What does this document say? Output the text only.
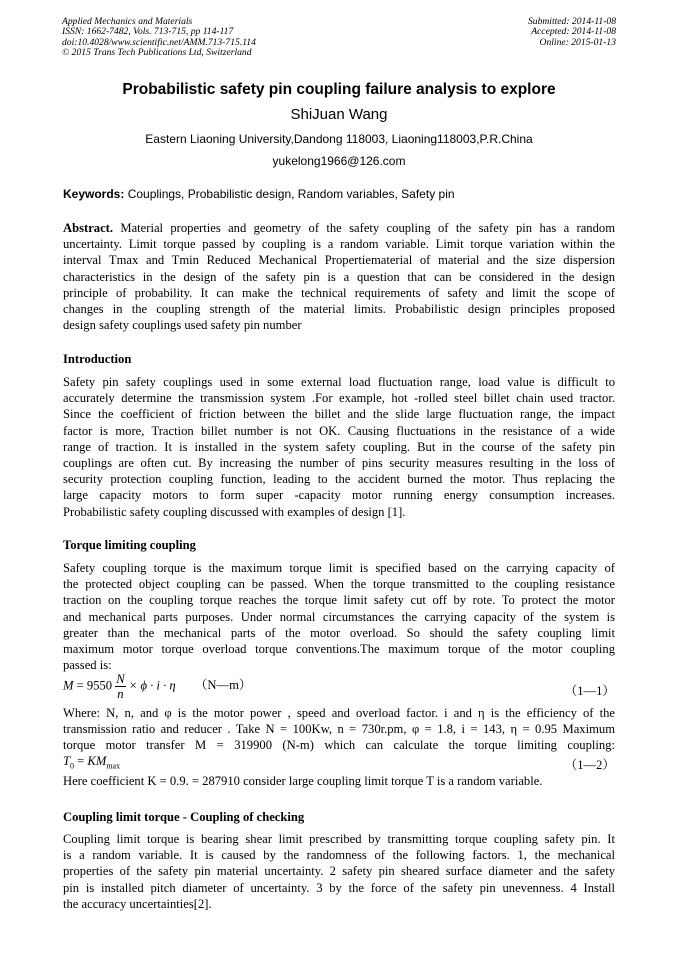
Applied Mechanics and Materials
ISSN: 1662-7482, Vols. 713-715, pp 114-117
doi:10.4028/www.scientific.net/AMM.713-715.114
© 2015 Trans Tech Publications Ltd, Switzerland
Submitted: 2014-11-08
Accepted: 2014-11-08
Online: 2015-01-13
Probabilistic safety pin coupling failure analysis to explore
ShiJuan Wang
Eastern Liaoning University,Dandong 118003, Liaoning118003,P.R.China
yukelong1966@126.com
Keywords: Couplings, Probabilistic design, Random variables, Safety pin
Abstract. Material properties and geometry of the safety coupling of the safety pin has a random
uncertainty. Limit torque passed by coupling is a random variable. Limit torque variation within the
interval Tmax and Tmin Reduced Mechanical Propertiematerial of material and the size dispersion
characteristics in the design of the safety pin is a question that can be considered in the design
principle of probability. It can make the technical requirements of safety and limit the scope of
changes in the coupling strength of the material limits. Probabilistic design principles proposed
design safety couplings used safety pin number
Introduction
Safety pin safety couplings used in some external load fluctuation range, load value is difficult to
accurately determine the transmission system .For example, hot -rolled steel billet chain used tractor.
Since the coefficient of friction between the billet and the slide large fluctuation range, the impact
factor is more, Traction billet number is not OK. Causing fluctuations in the resistance of a wide
range of traction. It is installed in the system safety coupling. But in the course of the safety pin
couplings are often cut. By increasing the number of pins security measures resulting in the loss of
security protection coupling function, leading to the accident burned the motor. Thus replacing the
large capacity motors to form super -capacity motor running energy consumption increases.
Probabilistic safety coupling discussed with examples of design [1].
Torque limiting coupling
Safety coupling torque is the maximum torque limit is specified based on the carrying capacity of
the protected object coupling can be passed. When the torque transmitted to the coupling resistance
traction on the coupling torque reaches the torque limit safety cut off by rote. To protect the motor
and mechanical parts purposes. Under normal circumstances the carrying capacity of the system is
greater than the mechanical parts of the motor overload. So should the safety coupling limit
maximum motor torque overload torque conventions.The maximum torque of the motor coupling
passed is:
$M = 9550 \frac{N}{n} \times \phi \cdot i \cdot \eta$ （N—m）	（1—1）
Where: N, n, and φ is the motor power , speed and overload factor. i and η is the efficiency of the
transmission ratio and reducer . Take N = 100Kw, n = 730r.pm, φ = 1.8, i = 143, η = 0.95 Maximum
torque motor transfer M = 319900 (N-m) which can calculate the torque limiting coupling:
$T_0 = KM_{max}$	（1—2）
Here coefficient K = 0.9. = 287910 consider large coupling limit torque T is a random variable.
Coupling limit torque - Coupling of checking
Coupling limit torque is bearing shear limit prescribed by transmitting torque coupling safety pin. It
is a random variable. It is caused by the randomness of the following factors. 1, the mechanical
properties of the safety pin material uncertainty. 2 safety pin sheared surface diameter and the safety
pin is installed pitch diameter of uncertainty. 3 by the force of the safety pin unevenness. 4 Install
the accuracy uncertainties[2].
